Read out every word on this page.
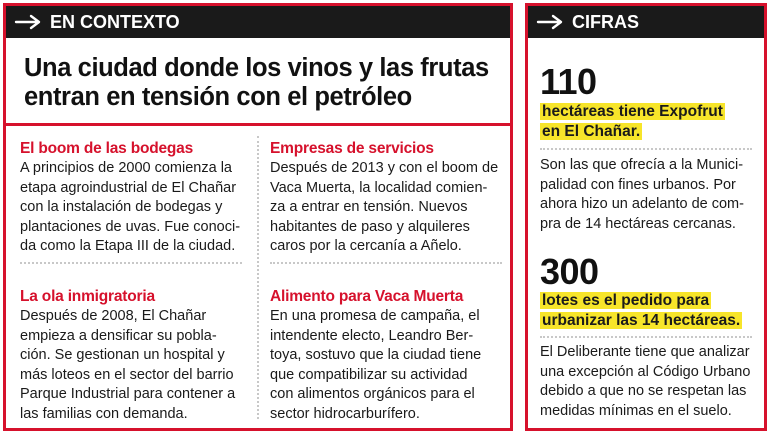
EN CONTEXTO
Una ciudad donde los vinos y las frutas
entran en tensión con el petróleo
El boom de las bodegas
A principios de 2000 comienza la
etapa agroindustrial de El Chañar
con la instalación de bodegas y
plantaciones de uvas. Fue conoci-
da como la Etapa III de la ciudad.
Empresas de servicios
Después de 2013 y con el boom de
Vaca Muerta, la localidad comien-
za a entrar en tensión. Nuevos
habitantes de paso y alquileres
caros por la cercanía a Añelo.
La ola inmigratoria
Después de 2008, El Chañar
empieza a densificar su pobla-
ción. Se gestionan un hospital y
más loteos en el sector del barrio
Parque Industrial para contener a
las familias con demanda.
Alimento para Vaca Muerta
En una promesa de campaña, el
intendente electo, Leandro Ber-
toya, sostuvo que la ciudad tiene
que compatibilizar su actividad
con alimentos orgánicos para el
sector hidrocarburífero.
CIFRAS
110
hectáreas tiene Expofrut
en El Chañar.
Son las que ofrecía a la Munici-
palidad con fines urbanos. Por
ahora hizo un adelanto de com-
pra de 14 hectáreas cercanas.
300
lotes es el pedido para
urbanizar las 14 hectáreas.
El Deliberante tiene que analizar
una excepción al Código Urbano
debido a que no se respetan las
medidas mínimas en el suelo.
